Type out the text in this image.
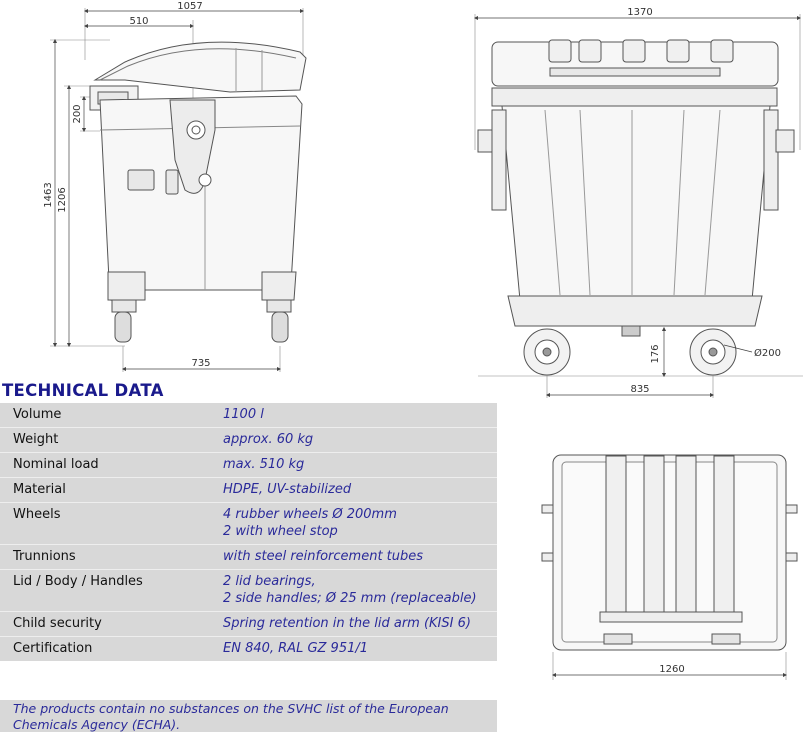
1057
510
1463 1206
200
735
1370
176	Ø200
835
1260
TECHNICAL DATA
Volume	1100 l

Weight	approx. 60 kg

Nominal load	max. 510 kg

Material	HDPE, UV-stabilized

Wheels	4 rubber wheels Ø 200mm
2 with wheel stop

Trunnions	with steel reinforcement tubes

Lid / Body / Handles	2 lid bearings,
2 side handles; Ø 25 mm (replaceable)

Child security	Spring retention in the lid arm (KISI 6)

Certification	EN 840, RAL GZ 951/1
The products contain no substances on the SVHC list of the European Chemicals Agency (ECHA).
